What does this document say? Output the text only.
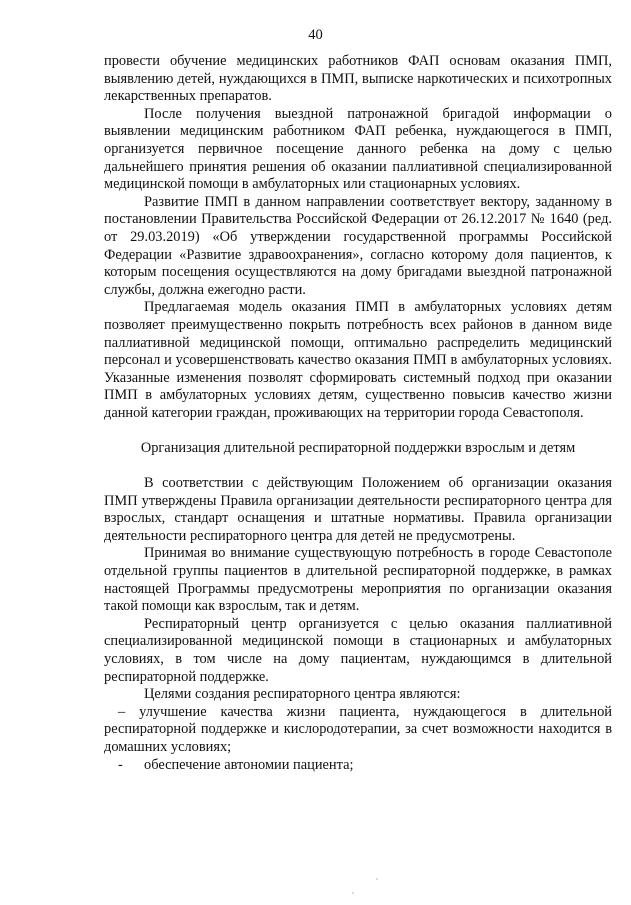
40

провести обучение медицинских работников ФАП основам оказания ПМП, выявлению детей, нуждающихся в ПМП, выписке наркотических и психотропных лекарственных препаратов.

После получения выездной патронажной бригадой информации о выявлении медицинским работником ФАП ребенка, нуждающегося в ПМП, организуется первичное посещение данного ребенка на дому с целью дальнейшего принятия решения об оказании паллиативной специализированной медицинской помощи в амбулаторных или стационарных условиях.

Развитие ПМП в данном направлении соответствует вектору, заданному в постановлении Правительства Российской Федерации от 26.12.2017 № 1640 (ред. от 29.03.2019) «Об утверждении государственной программы Российской Федерации «Развитие здравоохранения», согласно которому доля пациентов, к которым посещения осуществляются на дому бригадами выездной патронажной службы, должна ежегодно расти.

Предлагаемая модель оказания ПМП в амбулаторных условиях детям позволяет преимущественно покрыть потребность всех районов в данном виде паллиативной медицинской помощи, оптимально распределить медицинский персонал и усовершенствовать качество оказания ПМП в амбулаторных условиях. Указанные изменения позволят сформировать системный подход при оказании ПМП в амбулаторных условиях детям, существенно повысив качество жизни данной категории граждан, проживающих на территории города Севастополя.

Организация длительной респираторной поддержки взрослым и детям

В соответствии с действующим Положением об организации оказания ПМП утверждены Правила организации деятельности респираторного центра для взрослых, стандарт оснащения и штатные нормативы. Правила организации деятельности респираторного центра для детей не предусмотрены.

Принимая во внимание существующую потребность в городе Севастополе отдельной группы пациентов в длительной респираторной поддержке, в рамках настоящей Программы предусмотрены мероприятия по организации оказания такой помощи как взрослым, так и детям.

Респираторный центр организуется с целью оказания паллиативной специализированной медицинской помощи в стационарных и амбулаторных условиях, в том числе на дому пациентам, нуждающимся в длительной респираторной поддержке.

Целями создания респираторного центра являются:

– улучшение качества жизни пациента, нуждающегося в длительной респираторной поддержке и кислородотерапии, за счет возможности находится в домашних условиях;

- обеспечение автономии пациента;
